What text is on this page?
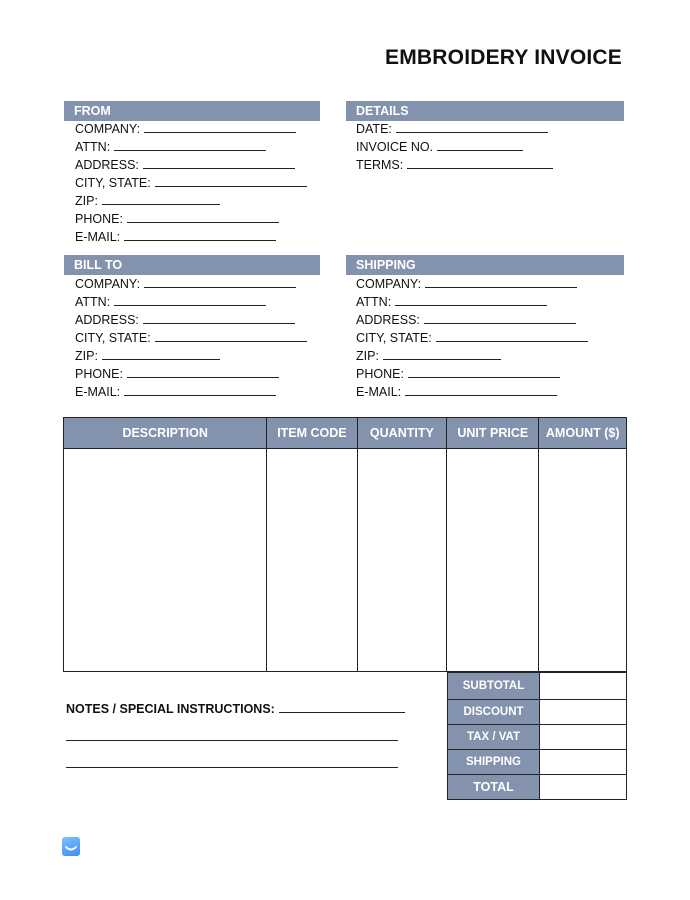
EMBROIDERY INVOICE
FROM
COMPANY:
ATTN:
ADDRESS:
CITY, STATE:
ZIP:
PHONE:
E-MAIL:
DETAILS
DATE:
INVOICE NO.
TERMS:
BILL TO
COMPANY:
ATTN:
ADDRESS:
CITY, STATE:
ZIP:
PHONE:
E-MAIL:
SHIPPING
COMPANY:
ATTN:
ADDRESS:
CITY, STATE:
ZIP:
PHONE:
E-MAIL:
DESCRIPTION	ITEM CODE	QUANTITY	UNIT PRICE	AMOUNT ($)

SUBTOTAL	
DISCOUNT	
TAX / VAT	
SHIPPING	
TOTAL	
NOTES / SPECIAL INSTRUCTIONS:
